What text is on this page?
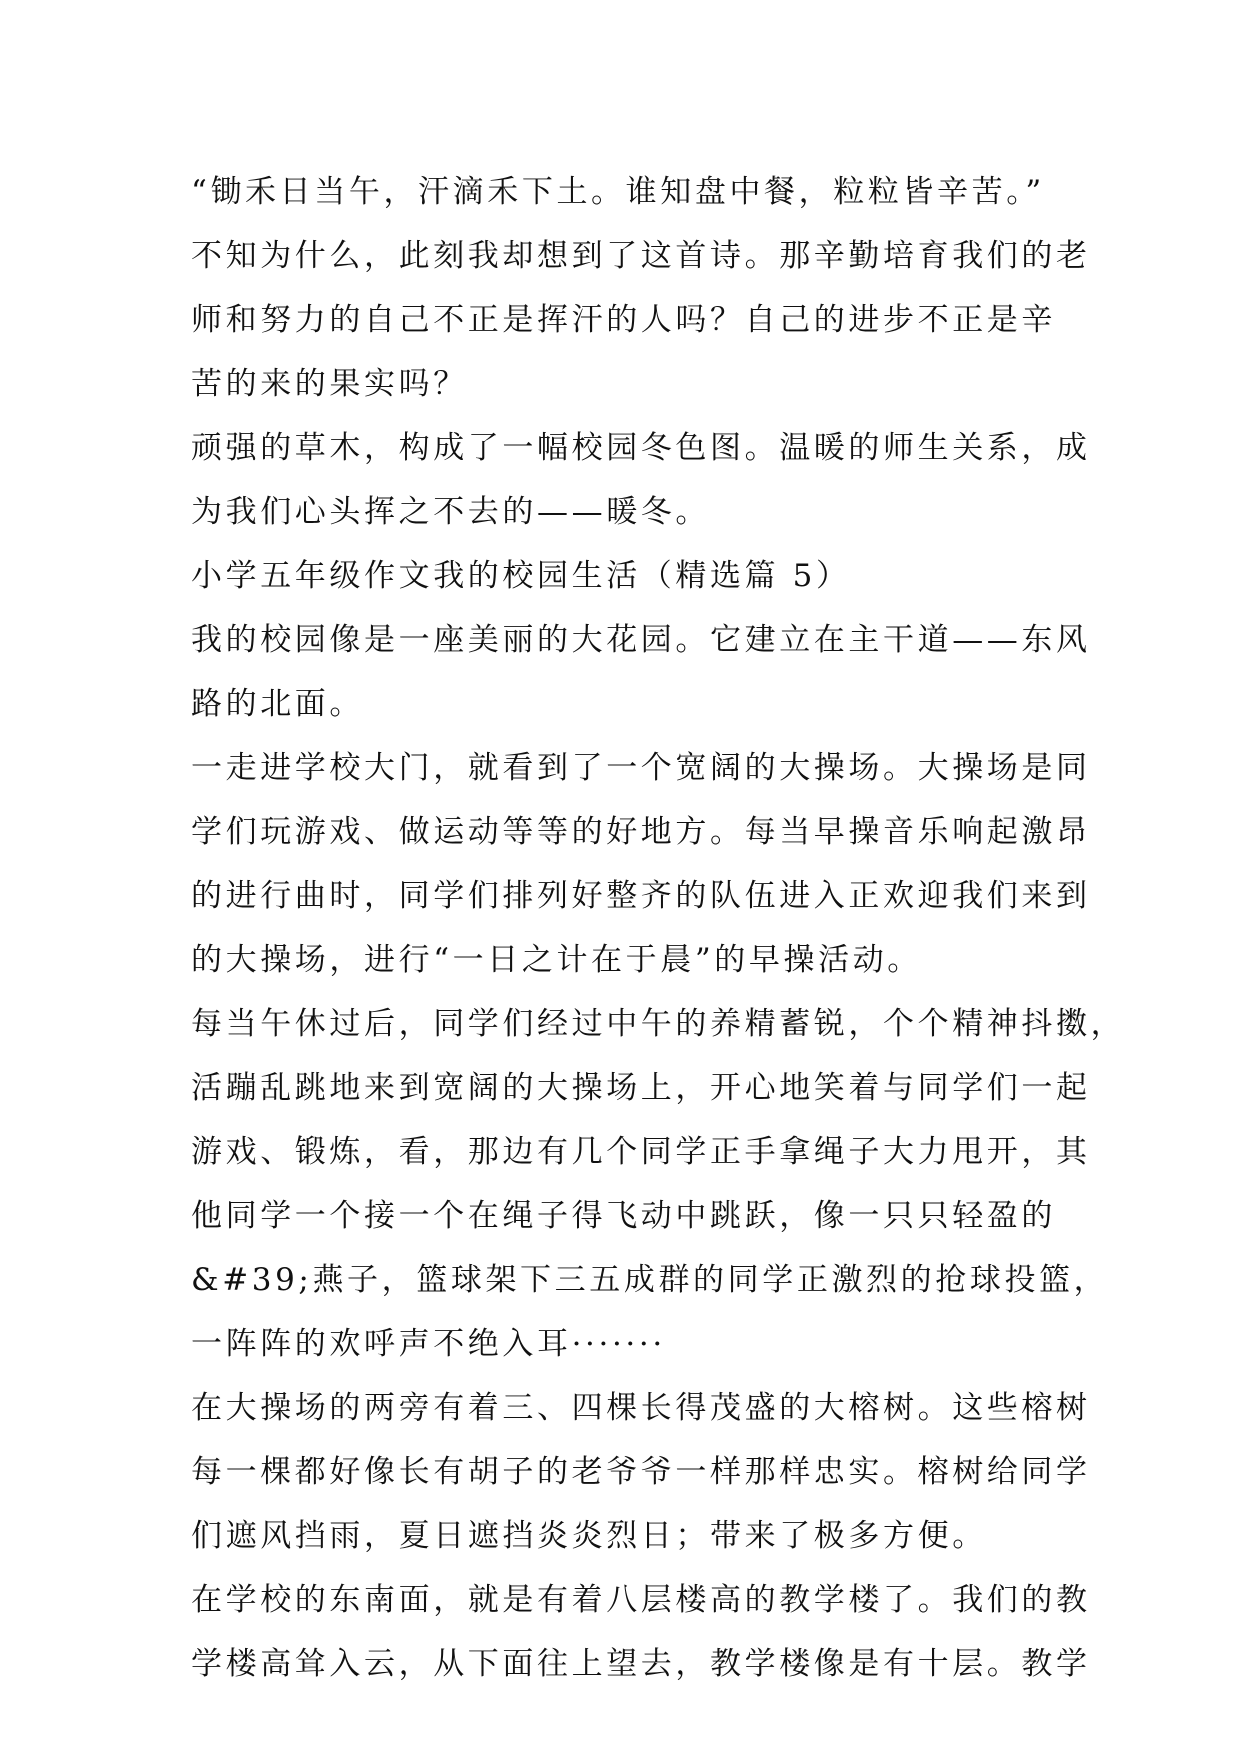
“锄禾日当午，汗滴禾下土。谁知盘中餐，粒粒皆辛苦。”
不知为什么，此刻我却想到了这首诗。那辛勤培育我们的老
师和努力的自己不正是挥汗的人吗？自己的进步不正是辛
苦的来的果实吗？
顽强的草木，构成了一幅校园冬色图。温暖的师生关系，成
为我们心头挥之不去的——暖冬。
小学五年级作文我的校园生活（精选篇 5）
我的校园像是一座美丽的大花园。它建立在主干道——东风
路的北面。
一走进学校大门，就看到了一个宽阔的大操场。大操场是同
学们玩游戏、做运动等等的好地方。每当早操音乐响起激昂
的进行曲时，同学们排列好整齐的队伍进入正欢迎我们来到
的大操场，进行“一日之计在于晨”的早操活动。
每当午休过后，同学们经过中午的养精蓄锐，个个精神抖擞，
活蹦乱跳地来到宽阔的大操场上，开心地笑着与同学们一起
游戏、锻炼，看，那边有几个同学正手拿绳子大力甩开，其
他同学一个接一个在绳子得飞动中跳跃，像一只只轻盈的
&#39;燕子，篮球架下三五成群的同学正激烈的抢球投篮，
一阵阵的欢呼声不绝入耳·······
在大操场的两旁有着三、四棵长得茂盛的大榕树。这些榕树
每一棵都好像长有胡子的老爷爷一样那样忠实。榕树给同学
们遮风挡雨，夏日遮挡炎炎烈日；带来了极多方便。
在学校的东南面，就是有着八层楼高的教学楼了。我们的教
学楼高耸入云，从下面往上望去，教学楼像是有十层。教学
